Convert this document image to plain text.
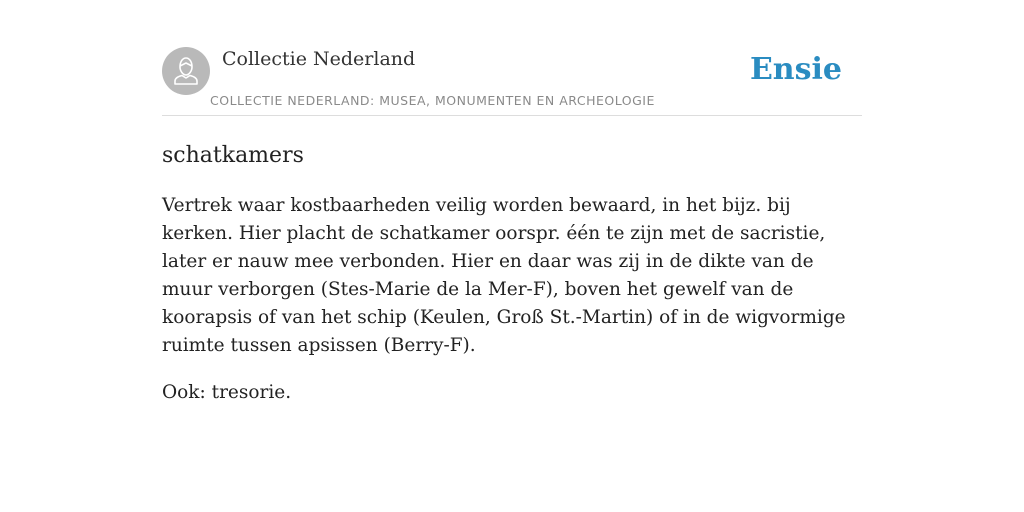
Collectie Nederland
COLLECTIE NEDERLAND: MUSEA, MONUMENTEN EN ARCHEOLOGIE
Ensie
schatkamers

Vertrek waar kostbaarheden veilig worden bewaard, in het bijz. bij kerken. Hier placht de schatkamer oorspr. één te zijn met de sacristie, later er nauw mee verbonden. Hier en daar was zij in de dikte van de muur verborgen (Stes-Marie de la Mer-F), boven het gewelf van de koorapsis of van het schip (Keulen, Groß St.-Martin) of in de wigvormige ruimte tussen apsissen (Berry-F).

Ook: tresorie.
